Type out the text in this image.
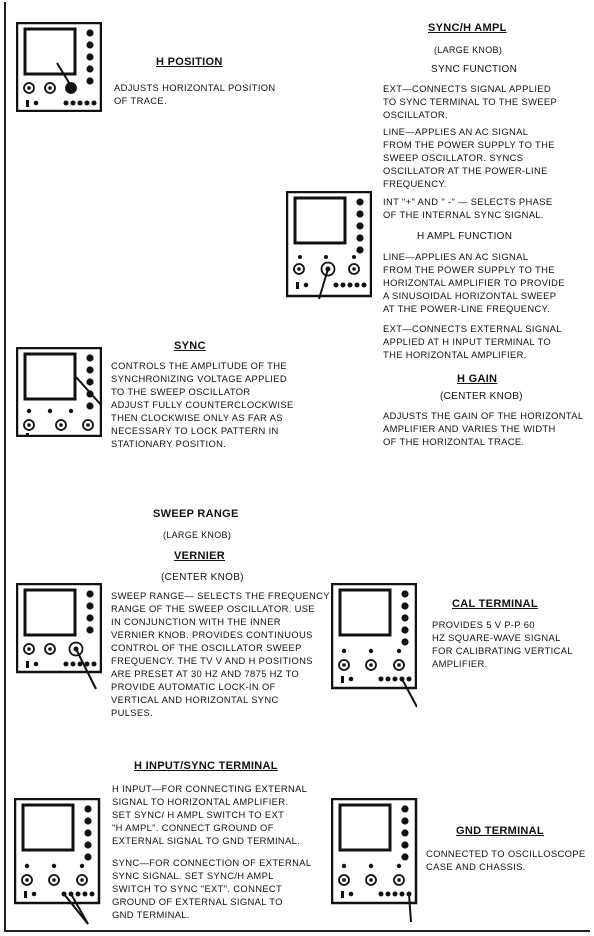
H POSITION

ADJUSTS HORIZONTAL POSITION
OF TRACE.

SYNC/H AMPL
(LARGE KNOB)
SYNC FUNCTION

EXT—CONNECTS SIGNAL APPLIED
TO SYNC TERMINAL TO THE SWEEP
OSCILLATOR.

LINE—APPLIES AN AC SIGNAL
FROM THE POWER SUPPLY TO THE
SWEEP OSCILLATOR. SYNCS
OSCILLATOR AT THE POWER-LINE
FREQUENCY.

INT "+" AND " -" — SELECTS PHASE
OF THE INTERNAL SYNC SIGNAL.

H AMPL FUNCTION

LINE—APPLIES AN AC SIGNAL
FROM THE POWER SUPPLY TO THE
HORIZONTAL AMPLIFIER TO PROVIDE
A SINUSOIDAL HORIZONTAL SWEEP
AT THE POWER-LINE FREQUENCY.

EXT—CONNECTS EXTERNAL SIGNAL
APPLIED AT H INPUT TERMINAL TO
THE HORIZONTAL AMPLIFIER.

SYNC

CONTROLS THE AMPLITUDE OF THE
SYNCHRONIZING VOLTAGE APPLIED
TO THE SWEEP OSCILLATOR
ADJUST FULLY COUNTERCLOCKWISE
THEN CLOCKWISE ONLY AS FAR AS
NECESSARY TO LOCK PATTERN IN
STATIONARY POSITION.

H GAIN
(CENTER KNOB)

ADJUSTS THE GAIN OF THE HORIZONTAL
AMPLIFIER AND VARIES THE WIDTH
OF THE HORIZONTAL TRACE.

SWEEP RANGE
(LARGE KNOB)
VERNIER
(CENTER KNOB)

SWEEP RANGE— SELECTS THE FREQUENCY
RANGE OF THE SWEEP OSCILLATOR. USE
IN CONJUNCTION WITH THE INNER
VERNIER KNOB. PROVIDES CONTINUOUS
CONTROL OF THE OSCILLATOR SWEEP
FREQUENCY. THE TV V AND H POSITIONS
ARE PRESET AT 30 HZ AND 7875 HZ TO
PROVIDE AUTOMATIC LOCK-IN OF
VERTICAL AND HORIZONTAL SYNC
PULSES.

CAL TERMINAL

PROVIDES 5 V P-P 60
HZ SQUARE-WAVE SIGNAL
FOR CALIBRATING VERTICAL
AMPLIFIER.

H INPUT/SYNC TERMINAL

H INPUT—FOR CONNECTING EXTERNAL
SIGNAL TO HORIZONTAL AMPLIFIER.
SET SYNC/ H AMPL SWITCH TO EXT
"H AMPL". CONNECT GROUND OF
EXTERNAL SIGNAL TO GND TERMINAL.

SYNC—FOR CONNECTION OF EXTERNAL
SYNC SIGNAL. SET SYNC/H AMPL
SWITCH TO SYNC "EXT". CONNECT
GROUND OF EXTERNAL SIGNAL TO
GND TERMINAL.

GND TERMINAL

CONNECTED TO OSCILLOSCOPE
CASE AND CHASSIS.
